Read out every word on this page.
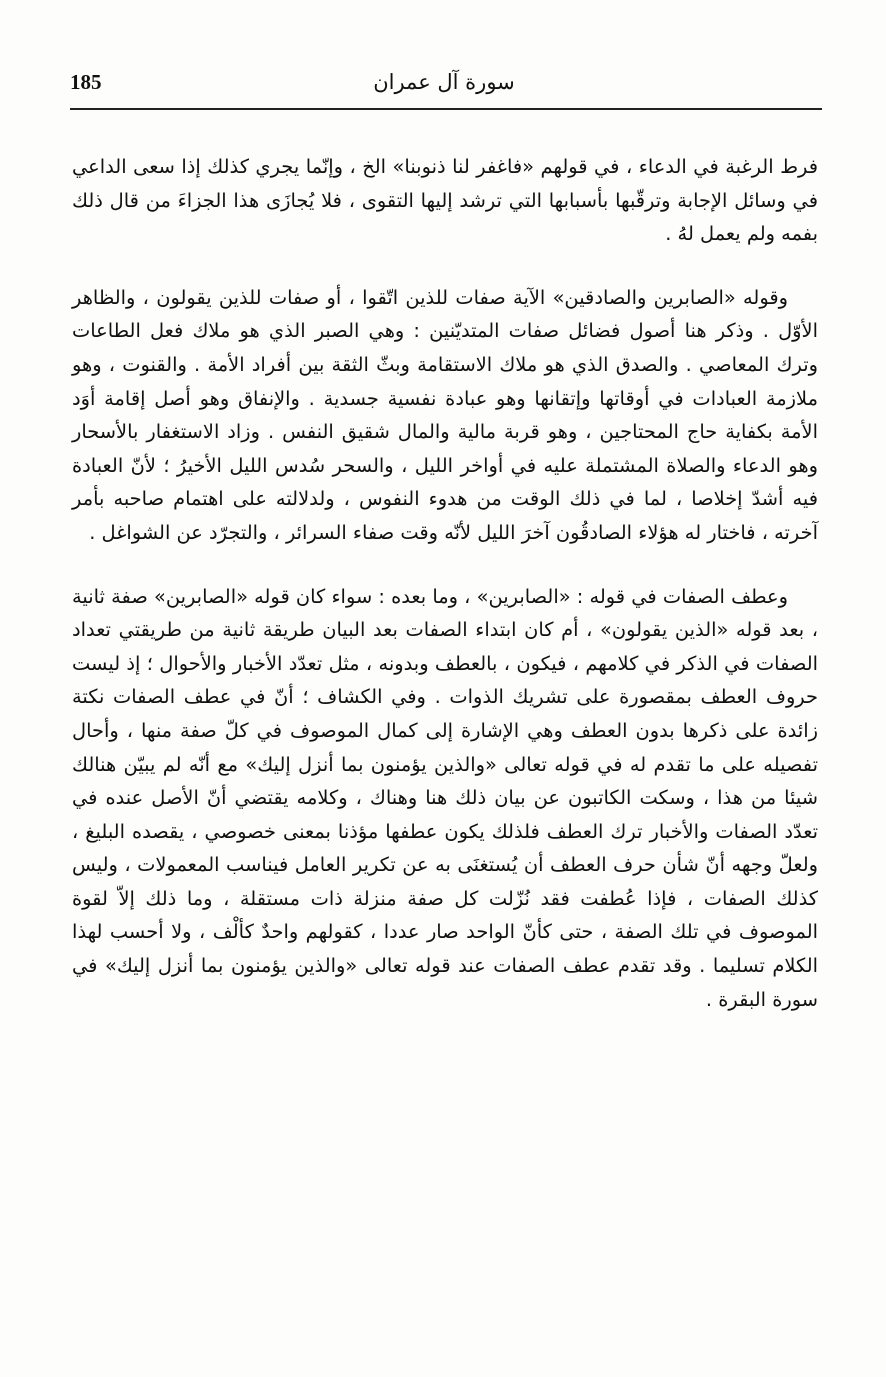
185	سورة آل عمران

فرط الرغبة في الدعاء ، في قولهم «فاغفر لنا ذنوبنا» الخ ، وإنّما يجري كذلك إذا سعى الداعي في وسائل الإجابة وترقّبها بأسبابها التي ترشد إليها التقوى ، فلا يُجازَى هذا الجزاءَ من قال ذلك بفمه ولم يعمل لهُ .

وقوله «الصابرين والصادقين» الآية صفات للذين اتّقوا ، أو صفات للذين يقولون ، والظاهر الأوّل . وذكر هنا أصول فضائل صفات المتديّنين : وهي الصبر الذي هو ملاك فعل الطاعات وترك المعاصي . والصدق الذي هو ملاك الاستقامة وبثّ الثقة بين أفراد الأمة . والقنوت ، وهو ملازمة العبادات في أوقاتها وإتقانها وهو عبادة نفسية جسدية . والإنفاق وهو أصل إقامة أوَد الأمة بكفاية حاج المحتاجين ، وهو قربة مالية والمال شقيق النفس . وزاد الاستغفار بالأسحار وهو الدعاء والصلاة المشتملة عليه في أواخر الليل ، والسحر سُدس الليل الأخيرُ ؛ لأنّ العبادة فيه أشدّ إخلاصا ، لما في ذلك الوقت من هدوء النفوس ، ولدلالته على اهتمام صاحبه بأمر آخرته ، فاختار له هؤلاء الصادقُون آخرَ الليل لأنّه وقت صفاء السرائر ، والتجرّد عن الشواغل .

وعطف الصفات في قوله : «الصابرين» ، وما بعده : سواء كان قوله «الصابرين» صفة ثانية ، بعد قوله «الذين يقولون» ، أم كان ابتداء الصفات بعد البيان طريقة ثانية من طريقتي تعداد الصفات في الذكر في كلامهم ، فيكون ، بالعطف وبدونه ، مثل تعدّد الأخبار والأحوال ؛ إذ ليست حروف العطف بمقصورة على تشريك الذوات . وفي الكشاف ؛ أنّ في عطف الصفات نكتة زائدة على ذكرها بدون العطف وهي الإشارة إلى كمال الموصوف في كلّ صفة منها ، وأحال تفصيله على ما تقدم له في قوله تعالى «والذين يؤمنون بما أنزل إليك» مع أنّه لم يبيّن هنالك شيئا من هذا ، وسكت الكاتبون عن بيان ذلك هنا وهناك ، وكلامه يقتضي أنّ الأصل عنده في تعدّد الصفات والأخبار ترك العطف فلذلك يكون عطفها مؤذنا بمعنى خصوصي ، يقصده البليغ ، ولعلّ وجهه أنّ شأن حرف العطف أن يُستغنَى به عن تكرير العامل فيناسب المعمولات ، وليس كذلك الصفات ، فإذا عُطفت فقد نُزّلت كل صفة منزلة ذات مستقلة ، وما ذلك إلاّ لقوة الموصوف في تلك الصفة ، حتى كأنّ الواحد صار عددا ، كقولهم واحدٌ كألْف ، ولا أحسب لهذا الكلام تسليما . وقد تقدم عطف الصفات عند قوله تعالى «والذين يؤمنون بما أنزل إليك» في سورة البقرة .
